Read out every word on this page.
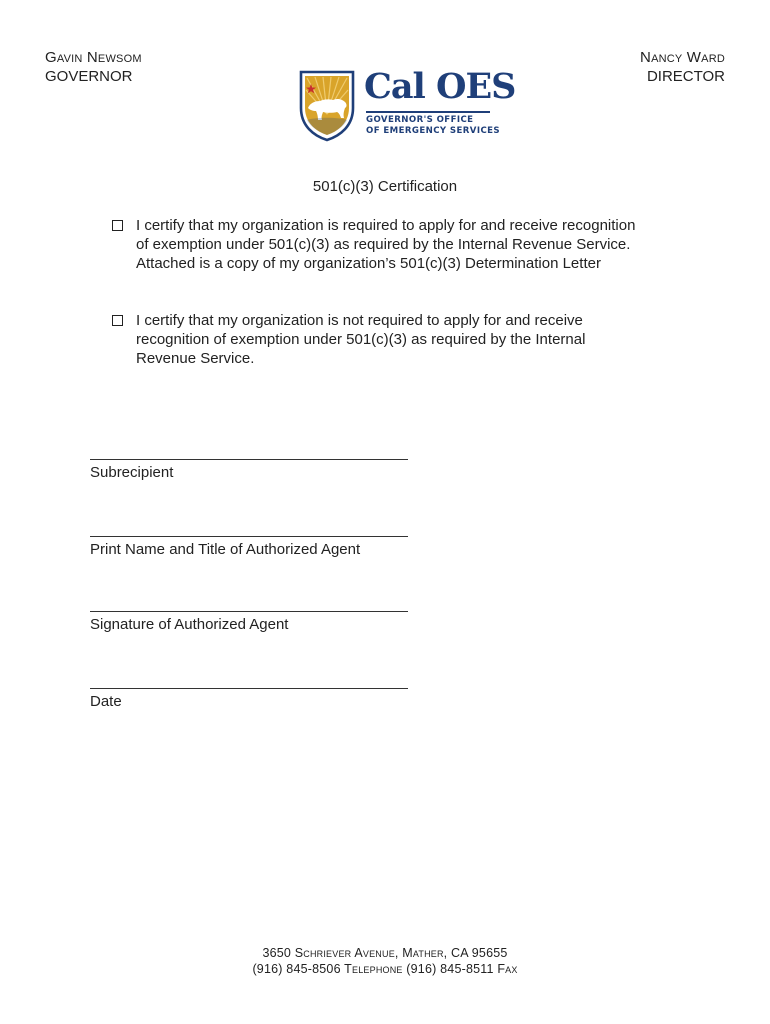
Gavin Newsom
GOVERNOR
Nancy Ward
DIRECTOR
Cal OES
GOVERNOR'S OFFICE
OF EMERGENCY SERVICES
501(c)(3) Certification
I certify that my organization is required to apply for and receive recognition of exemption under 501(c)(3) as required by the Internal Revenue Service. Attached is a copy of my organization’s 501(c)(3) Determination Letter
I certify that my organization is not required to apply for and receive recognition of exemption under 501(c)(3) as required by the Internal Revenue Service.
Subrecipient
Print Name and Title of Authorized Agent
Signature of Authorized Agent
Date
3650 Schriever Avenue, Mather, CA 95655
(916) 845-8506 Telephone (916) 845-8511 Fax
